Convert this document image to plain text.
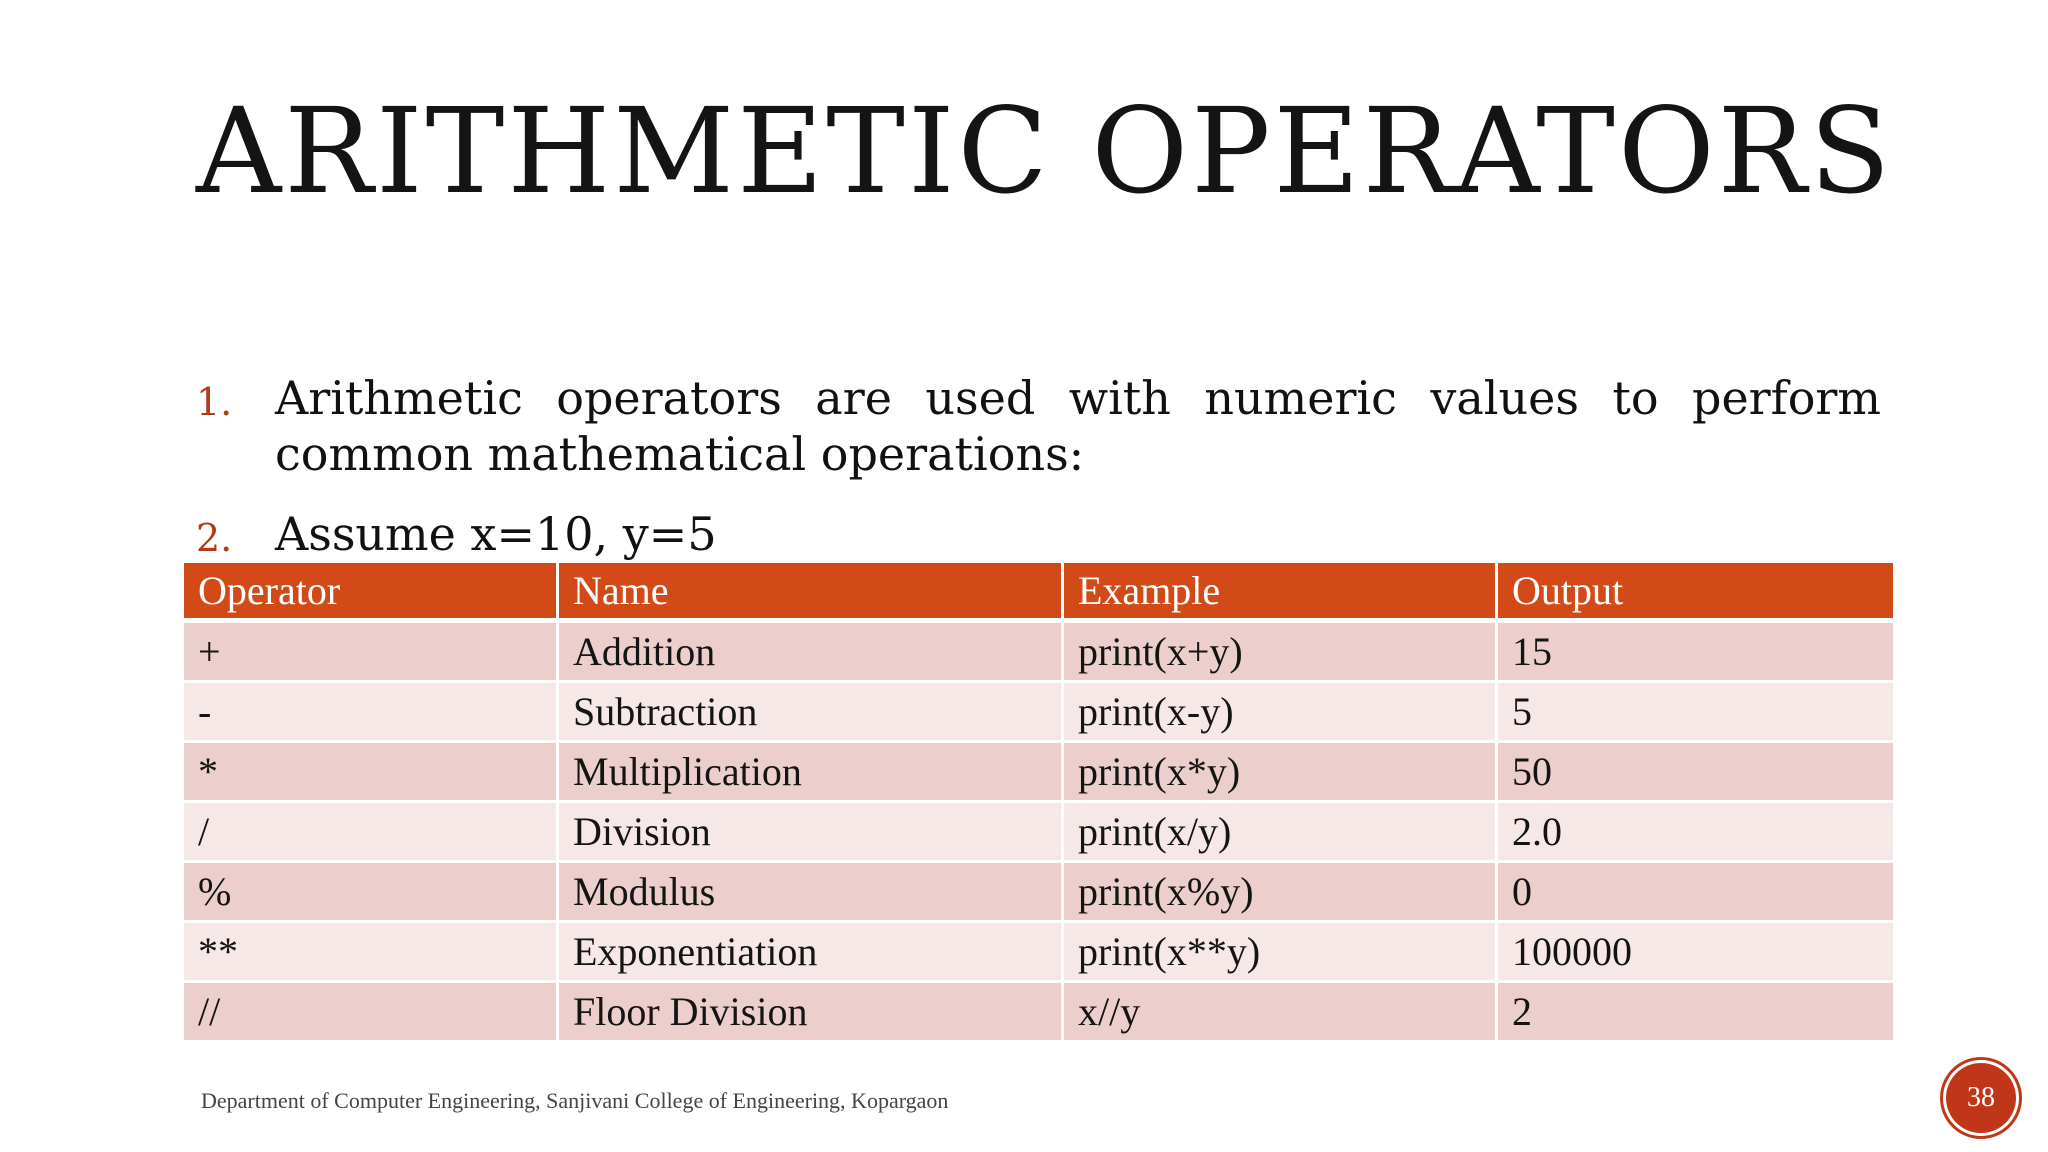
ARITHMETIC OPERATORS
1. Arithmetic operators are used with numeric values to perform common mathematical operations:
2. Assume x=10, y=5
Operator	Name	Example	Output
+	Addition	print(x+y)	15
-	Subtraction	print(x-y)	5
*	Multiplication	print(x*y)	50
/	Division	print(x/y)	2.0
%	Modulus	print(x%y)	0
**	Exponentiation	print(x**y)	100000
//	Floor Division	x//y	2
Department of Computer Engineering, Sanjivani College of Engineering, Kopargaon	38
